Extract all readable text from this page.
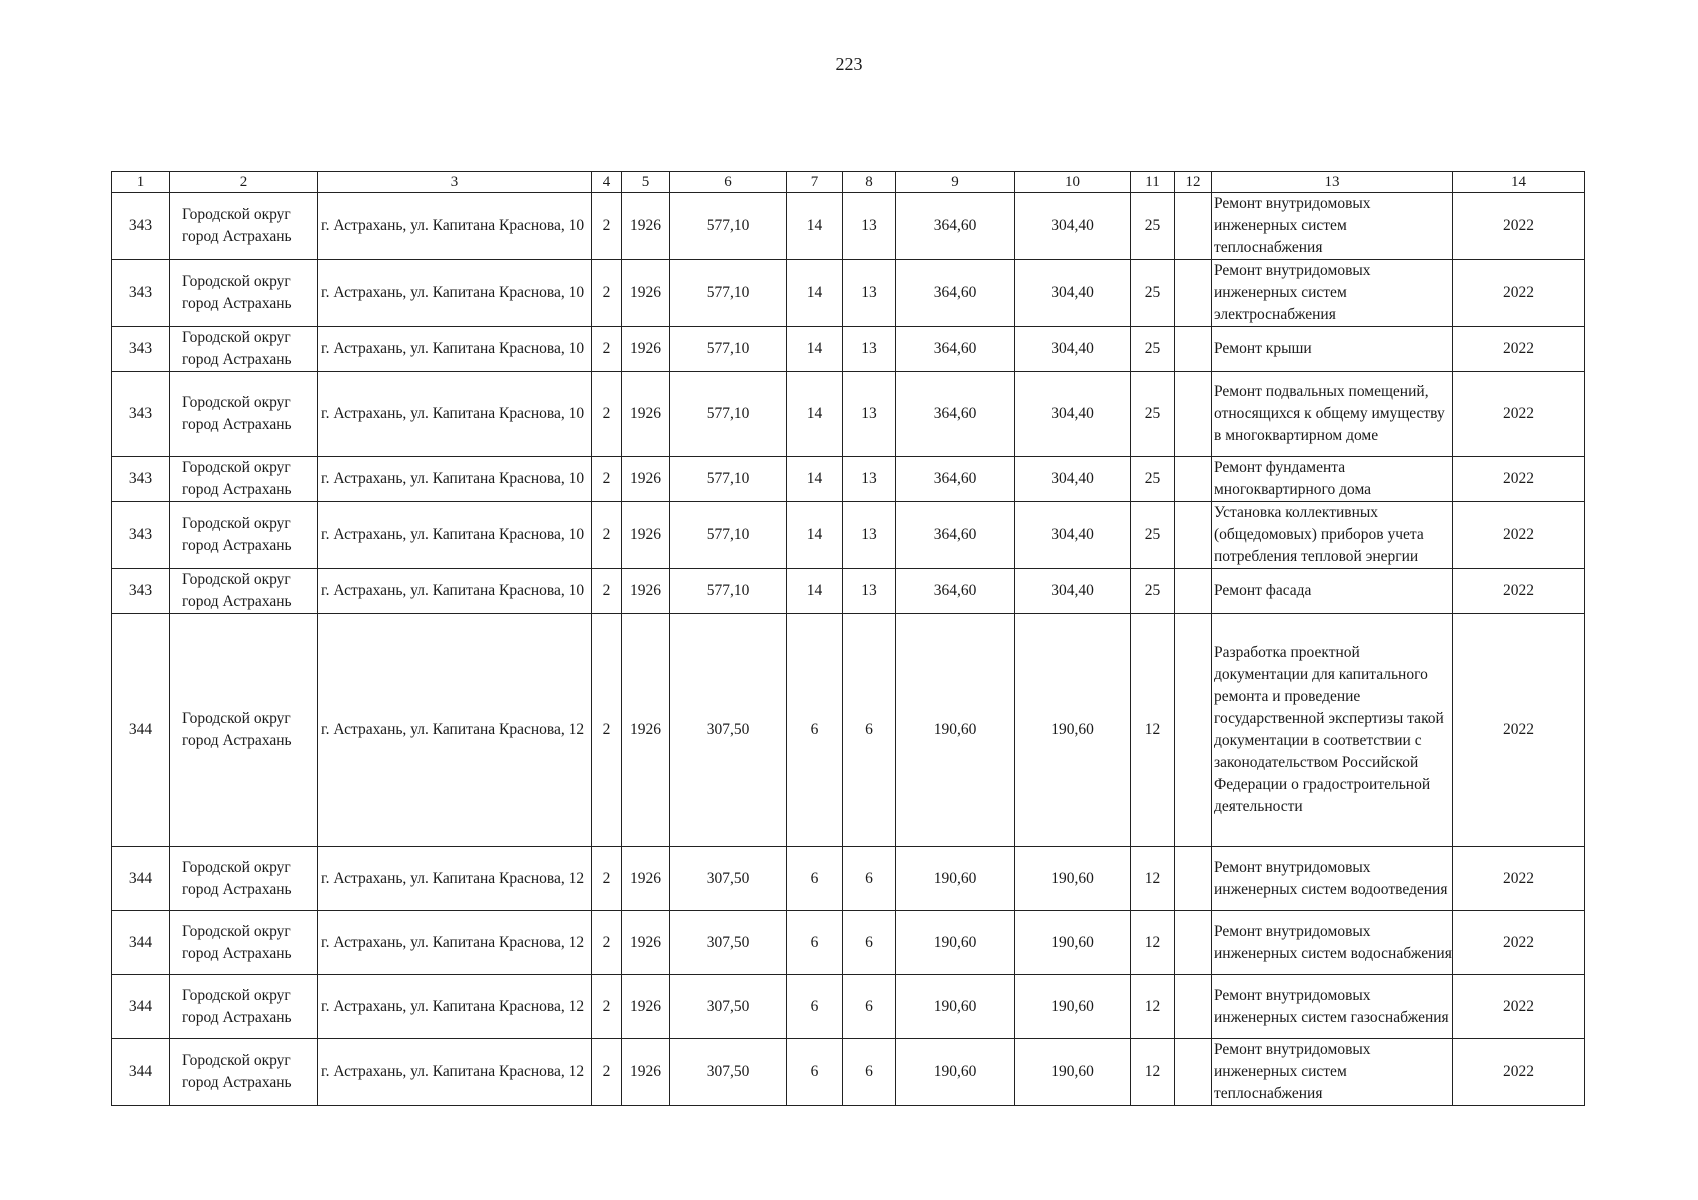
223
1	2	3	4	5	6	7	8	9	10	11	12	13	14
343	Городской округ город Астрахань	г. Астрахань, ул. Капитана Краснова, 10	2	1926	577,10	14	13	364,60	304,40	25		Ремонт внутридомовых инженерных систем теплоснабжения	2022
343	Городской округ город Астрахань	г. Астрахань, ул. Капитана Краснова, 10	2	1926	577,10	14	13	364,60	304,40	25		Ремонт внутридомовых инженерных систем электроснабжения	2022
343	Городской округ город Астрахань	г. Астрахань, ул. Капитана Краснова, 10	2	1926	577,10	14	13	364,60	304,40	25		Ремонт крыши	2022
343	Городской округ город Астрахань	г. Астрахань, ул. Капитана Краснова, 10	2	1926	577,10	14	13	364,60	304,40	25		Ремонт подвальных помещений, относящихся к общему имуществу в многоквартирном доме	2022
343	Городской округ город Астрахань	г. Астрахань, ул. Капитана Краснова, 10	2	1926	577,10	14	13	364,60	304,40	25		Ремонт фундамента многоквартирного дома	2022
343	Городской округ город Астрахань	г. Астрахань, ул. Капитана Краснова, 10	2	1926	577,10	14	13	364,60	304,40	25		Установка коллективных (общедомовых) приборов учета потребления тепловой энергии	2022
343	Городской округ город Астрахань	г. Астрахань, ул. Капитана Краснова, 10	2	1926	577,10	14	13	364,60	304,40	25		Ремонт фасада	2022
344	Городской округ город Астрахань	г. Астрахань, ул. Капитана Краснова, 12	2	1926	307,50	6	6	190,60	190,60	12		Разработка проектной документации для капитального ремонта и проведение государственной экспертизы такой документации в соответствии с законодательством Российской Федерации о градостроительной деятельности	2022
344	Городской округ город Астрахань	г. Астрахань, ул. Капитана Краснова, 12	2	1926	307,50	6	6	190,60	190,60	12		Ремонт внутридомовых инженерных систем водоотведения	2022
344	Городской округ город Астрахань	г. Астрахань, ул. Капитана Краснова, 12	2	1926	307,50	6	6	190,60	190,60	12		Ремонт внутридомовых инженерных систем водоснабжения	2022
344	Городской округ город Астрахань	г. Астрахань, ул. Капитана Краснова, 12	2	1926	307,50	6	6	190,60	190,60	12		Ремонт внутридомовых инженерных систем газоснабжения	2022
344	Городской округ город Астрахань	г. Астрахань, ул. Капитана Краснова, 12	2	1926	307,50	6	6	190,60	190,60	12		Ремонт внутридомовых инженерных систем теплоснабжения	2022
